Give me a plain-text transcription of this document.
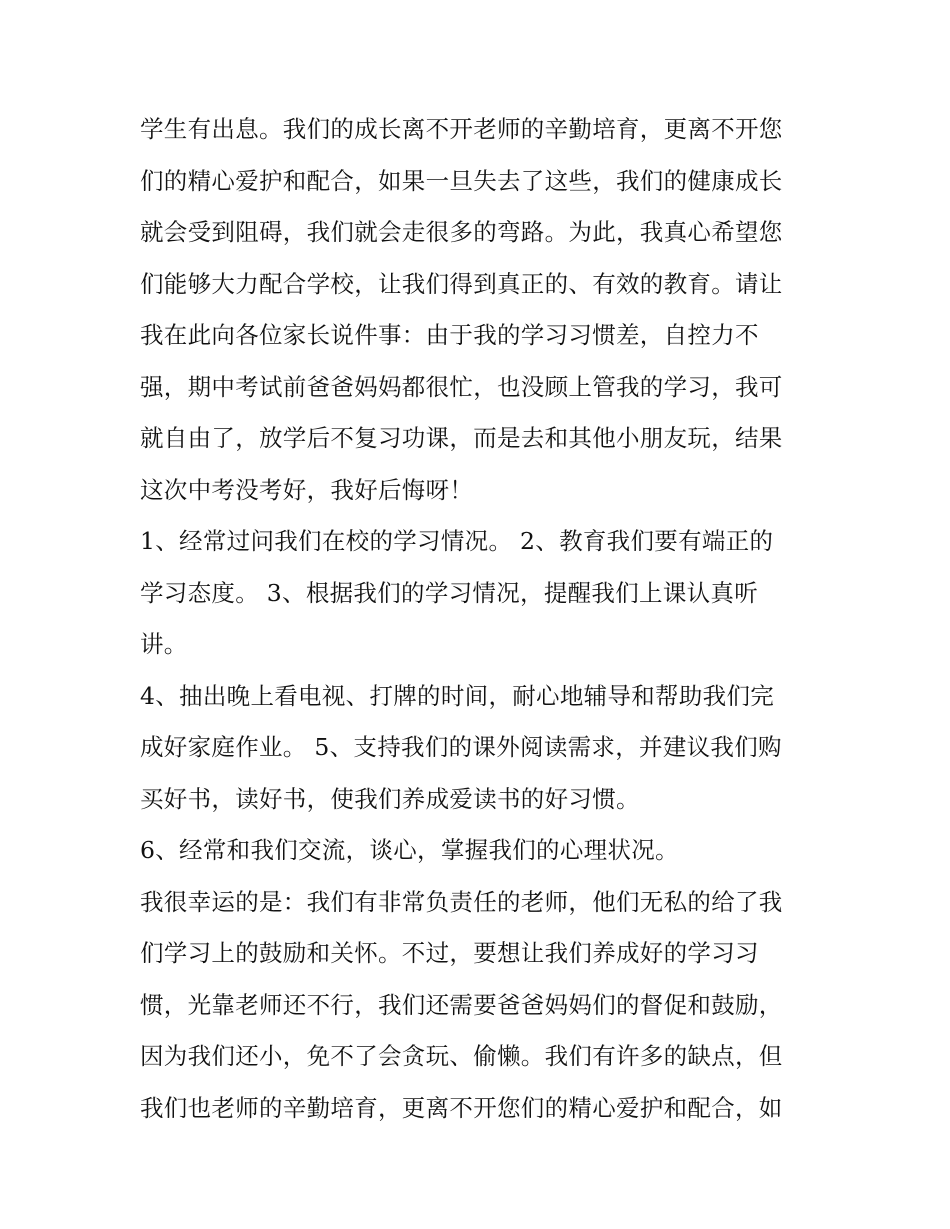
学生有出息。我们的成长离不开老师的辛勤培育，更离不开您
们的精心爱护和配合，如果一旦失去了这些，我们的健康成长
就会受到阻碍，我们就会走很多的弯路。为此，我真心希望您
们能够大力配合学校，让我们得到真正的、有效的教育。请让
我在此向各位家长说件事：由于我的学习习惯差，自控力不
强，期中考试前爸爸妈妈都很忙，也没顾上管我的学习，我可
就自由了，放学后不复习功课，而是去和其他小朋友玩，结果
这次中考没考好，我好后悔呀！
1、经常过问我们在校的学习情况。 2、教育我们要有端正的
学习态度。 3、根据我们的学习情况，提醒我们上课认真听
讲。
4、抽出晚上看电视、打牌的时间，耐心地辅导和帮助我们完
成好家庭作业。 5、支持我们的课外阅读需求，并建议我们购
买好书，读好书，使我们养成爱读书的好习惯。
6、经常和我们交流，谈心，掌握我们的心理状况。
我很幸运的是：我们有非常负责任的老师，他们无私的给了我
们学习上的鼓励和关怀。不过，要想让我们养成好的学习习
惯，光靠老师还不行，我们还需要爸爸妈妈们的督促和鼓励，
因为我们还小，免不了会贪玩、偷懒。我们有许多的缺点，但
我们也老师的辛勤培育，更离不开您们的精心爱护和配合，如
